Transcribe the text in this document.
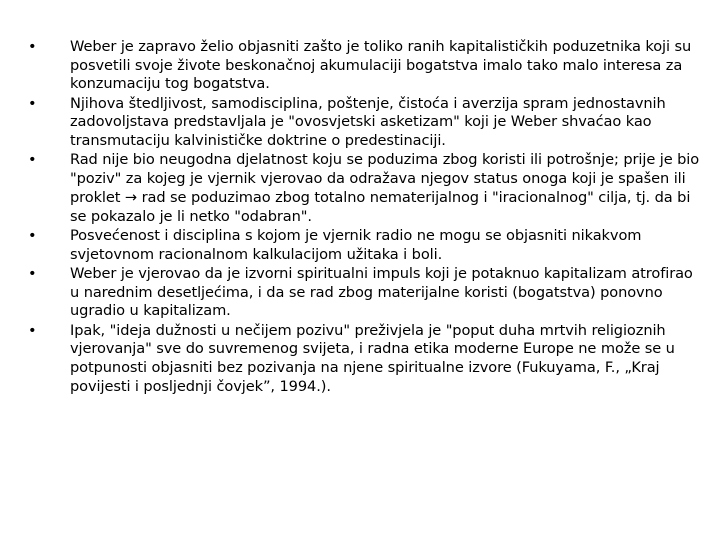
•	Weber je zapravo želio objasniti zašto je toliko ranih kapitalističkih poduzetnika koji su posvetili svoje živote beskonačnoj akumulaciji bogatstva imalo tako malo interesa za konzumaciju tog bogatstva.
•	Njihova štedljivost, samodisciplina, poštenje, čistoća i averzija spram jednostavnih zadovoljstava predstavljala je "ovosvjetski asketizam" koji je Weber shvaćao kao transmutaciju kalvinističke doktrine o predestinaciji.
•	Rad nije bio neugodna djelatnost koju se poduzima zbog koristi ili potrošnje; prije je bio "poziv" za kojeg je vjernik vjerovao da odražava njegov status onoga koji je spašen ili proklet → rad se poduzimao zbog totalno nematerijalnog i "iracionalnog" cilja, tj. da bi se pokazalo je li netko "odabran".
•	Posvećenost i disciplina s kojom je vjernik radio ne mogu se objasniti nikakvom svjetovnom racionalnom kalkulacijom užitaka i boli.
•	Weber je vjerovao da je izvorni spiritualni impuls koji je potaknuo kapitalizam atrofirao u narednim desetljećima, i da se rad zbog materijalne koristi (bogatstva) ponovno ugradio u kapitalizam.
•	Ipak, "ideja dužnosti u nečijem pozivu" preživjela je "poput duha mrtvih religioznih vjerovanja" sve do suvremenog svijeta, i radna etika moderne Europe ne može se u potpunosti objasniti bez pozivanja na njene spiritualne izvore (Fukuyama, F., „Kraj povijesti i posljednji čovjek”, 1994.).
